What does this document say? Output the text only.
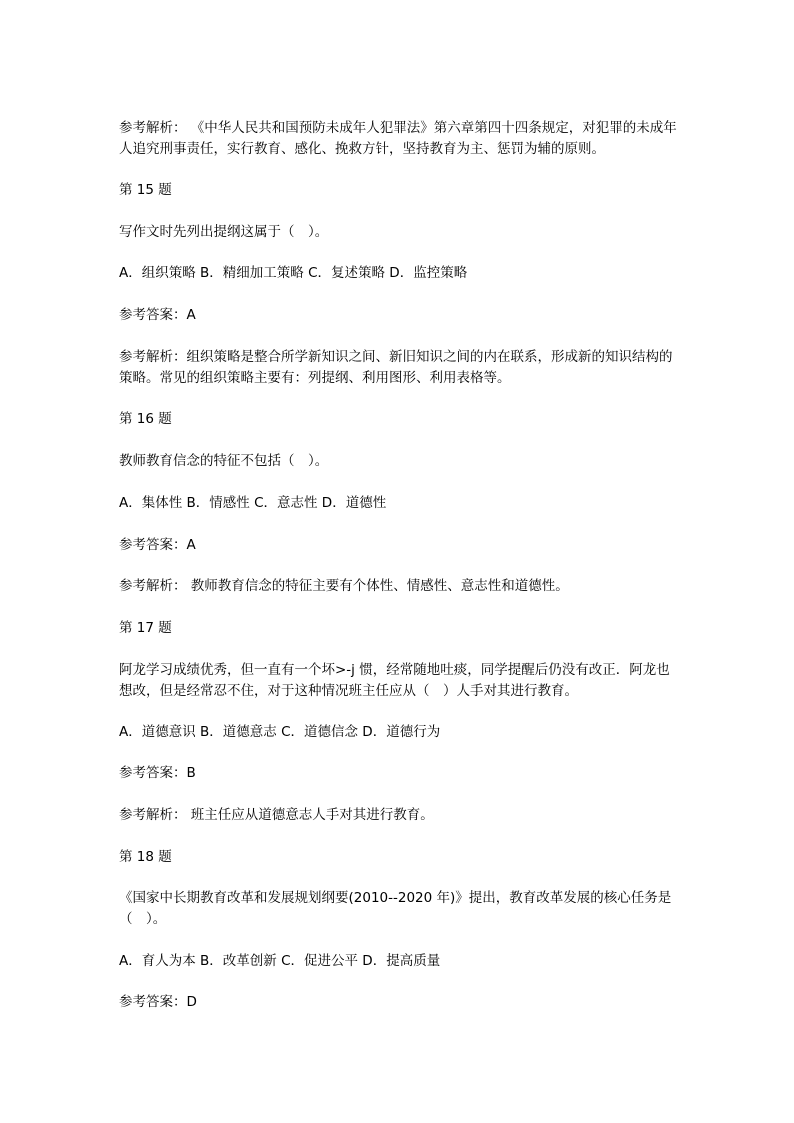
参考解析： 《中华人民共和国预防未成年人犯罪法》第六章第四十四条规定，对犯罪的未成年人追究刑事责任，实行教育、感化、挽救方针，坚持教育为主、惩罚为辅的原则。
第 15 题
写作文时先列出提纲这属于（　）。
A．组织策略 B．精细加工策略 C．复述策略 D．监控策略
参考答案：A
参考解析：组织策略是整合所学新知识之间、新旧知识之间的内在联系，形成新的知识结构的策略。常见的组织策略主要有：列提纲、利用图形、利用表格等。
第 16 题
教师教育信念的特征不包括（　）。
A．集体性 B．情感性 C．意志性 D．道德性
参考答案：A
参考解析： 教师教育信念的特征主要有个体性、情感性、意志性和道德性。
第 17 题
阿龙学习成绩优秀，但一直有一个坏>-j 惯，经常随地吐痰，同学提醒后仍没有改正．阿龙也想改，但是经常忍不住，对于这种情况班主任应从（　）人手对其进行教育。
A．道德意识 B．道德意志 C．道德信念 D．道德行为
参考答案：B
参考解析： 班主任应从道德意志人手对其进行教育。
第 18 题
《国家中长期教育改革和发展规划纲要(2010--2020 年)》提出，教育改革发展的核心任务是（　）。
A．育人为本 B．改革创新 C．促进公平 D．提高质量
参考答案：D
